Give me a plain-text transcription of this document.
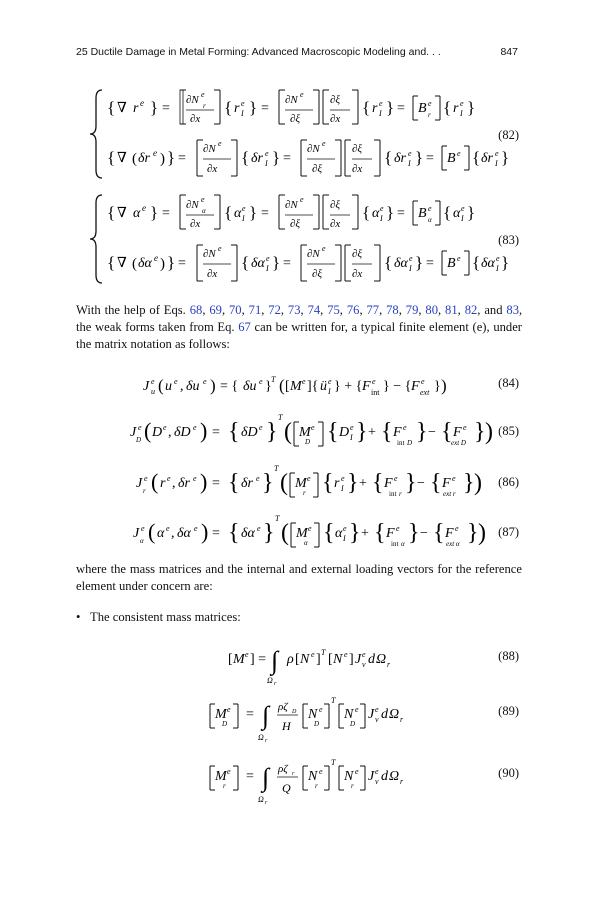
25 Ductile Damage in Metal Forming: Advanced Macroscopic Modeling and. . .	847
{ ∇ r e } =
∂N e
r
∂x
{ r e
I } =
∂N e
∂ξ
∂ξ
∂x
{ r e
I } = B e
r { r e
I }
{ ∇ ( δr e ) } =
∂N e
∂x
{ δr e
I } =
∂N e
∂ξ
∂ξ
∂x
{ δr e
I } = B e { δr e
I }
(82)
{ ∇ α e } =
∂N e
α
∂x
{ α e
I } =
∂N e
∂ξ
∂ξ
∂x
{ α e
I } = B e
α { α e
I }
{ ∇ ( δα e ) } =
∂N e
∂x
{ δα e
I } =
∂N e
∂ξ
∂ξ
∂x
{ δα e
I } = B e { δα e
I }
(83)
With the help of Eqs. 68, 69, 70, 71, 72, 73, 74, 75, 76, 77, 78, 79, 80, 81, 82, and 83, the weak forms taken from Eq. 67 can be written for, a typical finite element (e), under the matrix notation as follows:
J e
u ( u e , δu e ) = { δu e } T ( [ M e ]{ ü e
I } + { F e
int } − { F e
ext } )	(84)
J e
D ( D e , δD e ) = { δD e }
T
( M e
D { D e
I } + { F e
int D } − { F e
ext D } ) (85)
J e
r ( r e , δr e ) = { δr e }
T
( M e
r { r e
I } + { F e
int r } − { F e
ext r } ) (86)
J e
α ( α e , δα e ) = { δα e }
T
( M e
α { α e
I } + { F e
int α } − { F e
ext α } ) (87)
where the mass matrices and the internal and external loading vectors for the reference element under concern are:
• The consistent mass matrices:
[ M e ] = ∫
Ω r
ρ [ N e ] T [ N e ] J e
v d Ω r
(88)
M e
D
= ∫
Ω r
ρζ D
H
N e
D
T
N e
D
J e
v d Ω r
(89)
M e
r
= ∫
Ω r
ρζ r
Q
N e
r
T
N e
r
J e
v d Ω r
(90)
